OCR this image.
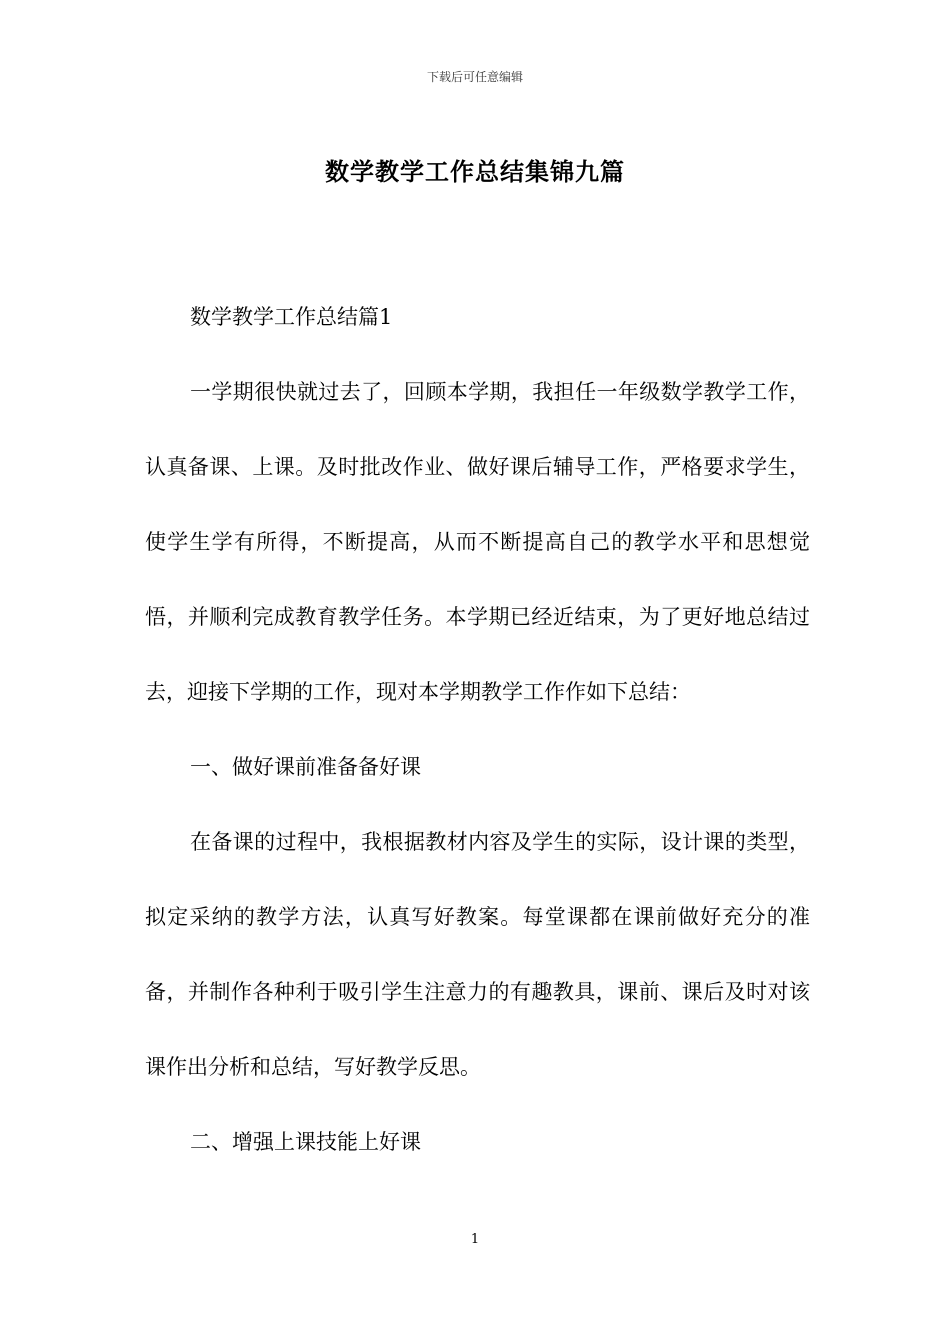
下载后可任意编辑
数学教学工作总结集锦九篇

数学教学工作总结篇1

一学期很快就过去了，回顾本学期，我担任一年级数学教学工作，认真备课、上课。及时批改作业、做好课后辅导工作，严格要求学生，使学生学有所得，不断提高，从而不断提高自己的教学水平和思想觉悟，并顺利完成教育教学任务。本学期已经近结束，为了更好地总结过去，迎接下学期的工作，现对本学期教学工作作如下总结：

一、做好课前准备备好课

在备课的过程中，我根据教材内容及学生的实际，设计课的类型，拟定采纳的教学方法，认真写好教案。每堂课都在课前做好充分的准备，并制作各种利于吸引学生注意力的有趣教具，课前、课后及时对该课作出分析和总结，写好教学反思。

二、增强上课技能上好课

1
